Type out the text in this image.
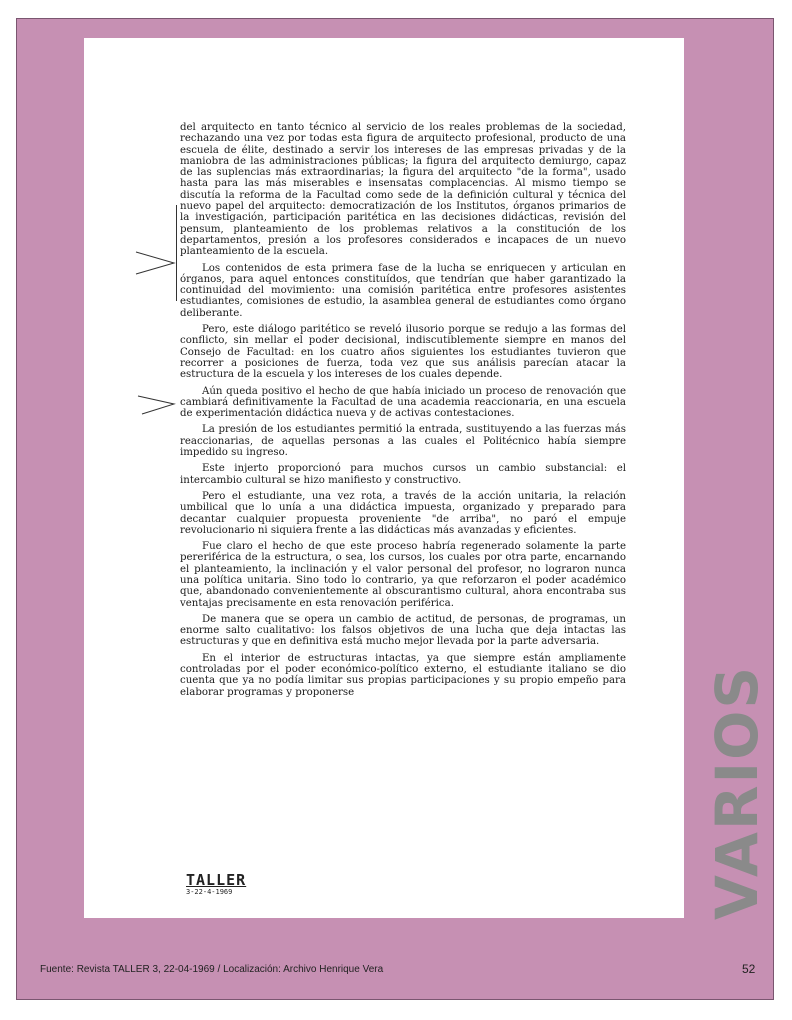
del arquitecto en tanto técnico al servicio de los reales problemas de la sociedad, rechazando una vez por todas esta figura de arquitecto profesional, producto de una escuela de élite, destinado a servir los intereses de las empresas privadas y de la maniobra de las administraciones públicas; la figura del arquitecto demiurgo, capaz de las suplencias más extraordinarias; la figura del arquitecto "de la forma", usado hasta para las más miserables e insensatas complacencias. Al mismo tiempo se discutía la reforma de la Facultad como sede de la definición cultural y técnica del nuevo papel del arquitecto: democratización de los Institutos, órganos primarios de la investigación, participación paritética en las decisiones didácticas, revisión del pensum, planteamiento de los problemas relativos a la constitución de los departamentos, presión a los profesores considerados e incapaces de un nuevo planteamiento de la escuela.

Los contenidos de esta primera fase de la lucha se enriquecen y articulan en órganos, para aquel entonces constituídos, que tendrían que haber garantizado la continuidad del movimiento: una comisión paritética entre profesores asistentes estudiantes, comisiones de estudio, la asamblea general de estudiantes como órgano deliberante.

Pero, este diálogo paritético se reveló ilusorio porque se redujo a las formas del conflicto, sin mellar el poder decisional, indiscutiblemente siempre en manos del Consejo de Facultad: en los cuatro años siguientes los estudiantes tuvieron que recorrer a posiciones de fuerza, toda vez que sus análisis parecían atacar la estructura de la escuela y los intereses de los cuales depende.

Aún queda positivo el hecho de que había iniciado un proceso de renovación que cambiará definitivamente la Facultad de una academia reaccionaria, en una escuela de experimentación didáctica nueva y de activas contestaciones.

La presión de los estudiantes permitió la entrada, sustituyendo a las fuerzas más reaccionarias, de aquellas personas a las cuales el Politécnico había siempre impedido su ingreso.

Este injerto proporcionó para muchos cursos un cambio substancial: el intercambio cultural se hizo manifiesto y constructivo.

Pero el estudiante, una vez rota, a través de la acción unitaria, la relación umbilical que lo unía a una didáctica impuesta, organizado y preparado para decantar cualquier propuesta proveniente "de arriba", no paró el empuje revolucionario ni siquiera frente a las didácticas más avanzadas y eficientes.

Fue claro el hecho de que este proceso habría regenerado solamente la parte pereriférica de la estructura, o sea, los cursos, los cuales por otra parte, encarnando el planteamiento, la inclinación y el valor personal del profesor, no lograron nunca una política unitaria. Sino todo lo contrario, ya que reforzaron el poder académico que, abandonado convenientemente al obscurantismo cultural, ahora encontraba sus ventajas precisamente en esta renovación periférica.

De manera que se opera un cambio de actitud, de personas, de programas, un enorme salto cualitativo: los falsos objetivos de una lucha que deja intactas las estructuras y que en definitiva está mucho mejor llevada por la parte adversaria.

En el interior de estructuras intactas, ya que siempre están ampliamente controladas por el poder económico-político externo, el estudiante italiano se dio cuenta que ya no podía limitar sus propias participaciones y su propio empeño para elaborar programas y proponerse

TALLER
3-22-4-1969	VARIOS
Fuente: Revista TALLER 3, 22-04-1969 / Localización: Archivo Henrique Vera	52
